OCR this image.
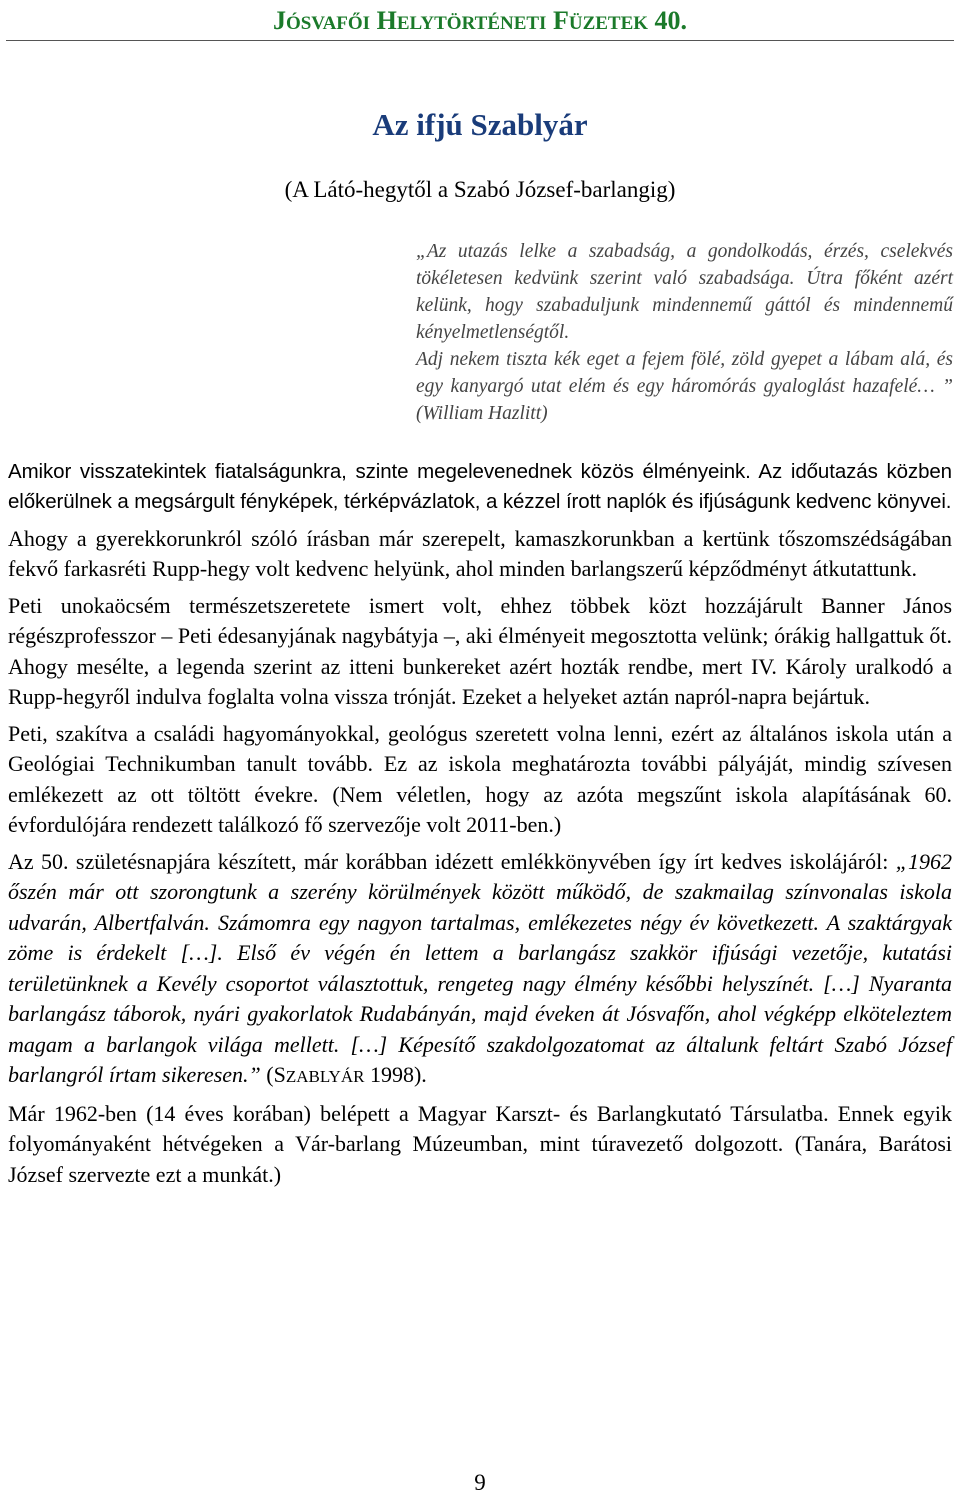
JÓSVAFŐI HELYTÖRTÉNETI FÜZETEK 40.
Az ifjú Szablyár
(A Látó-hegytől a Szabó József-barlangig)

„Az utazás lelke a szabadság, a gondolkodás, érzés, cselekvés tökéletesen kedvünk szerint való szabadsága. Útra főként azért kelünk, hogy szabaduljunk mindennemű gáttól és mindennemű kényelmetlenségtől.

Adj nekem tiszta kék eget a fejem fölé, zöld gyepet a lábam alá, és egy kanyargó utat elém és egy háromórás gyaloglást hazafelé… ” (William Hazlitt)

Amikor visszatekintek fiatalságunkra, szinte megelevenednek közös élményeink. Az időutazás közben előkerülnek a megsárgult fényképek, térképvázlatok, a kézzel írott naplók és ifjúságunk kedvenc könyvei.

Ahogy a gyerekkorunkról szóló írásban már szerepelt, kamaszkorunkban a kertünk tőszomszédságában fekvő farkasréti Rupp-hegy volt kedvenc helyünk, ahol minden barlangszerű képződményt átkutattunk.

Peti unokaöcsém természetszeretete ismert volt, ehhez többek közt hozzájárult Banner János régészprofesszor – Peti édesanyjának nagybátyja –, aki élményeit megosztotta velünk; órákig hallgattuk őt. Ahogy mesélte, a legenda szerint az itteni bunkereket azért hozták rendbe, mert IV. Károly uralkodó a Rupp-hegyről indulva foglalta volna vissza trónját. Ezeket a helyeket aztán napról-napra bejártuk.

Peti, szakítva a családi hagyományokkal, geológus szeretett volna lenni, ezért az általános iskola után a Geológiai Technikumban tanult tovább. Ez az iskola meghatározta további pályáját, mindig szívesen emlékezett az ott töltött évekre. (Nem véletlen, hogy az azóta megszűnt iskola alapításának 60. évfordulójára rendezett találkozó fő szervezője volt 2011-ben.)

Az 50. születésnapjára készített, már korábban idézett emlékkönyvében így írt kedves iskolájáról: „1962 őszén már ott szorongtunk a szerény körülmények között működő, de szakmailag színvonalas iskola udvarán, Albertfalván. Számomra egy nagyon tartalmas, emlékezetes négy év következett. A szaktárgyak zöme is érdekelt […]. Első év végén én lettem a barlangász szakkör ifjúsági vezetője, kutatási területünknek a Kevély csoportot választottuk, rengeteg nagy élmény későbbi helyszínét. […] Nyaranta barlangász táborok, nyári gyakorlatok Rudabányán, majd éveken át Jósvafőn, ahol végképp elköteleztem magam a barlangok világa mellett. […] Képesítő szakdolgozatomat az általunk feltárt Szabó József barlangról írtam sikeresen.” (SZABLYÁR 1998).

Már 1962-ben (14 éves korában) belépett a Magyar Karszt- és Barlangkutató Társulatba. Ennek egyik folyományaként hétvégeken a Vár-barlang Múzeumban, mint túravezető dolgozott. (Tanára, Barátosi József szervezte ezt a munkát.)

9
